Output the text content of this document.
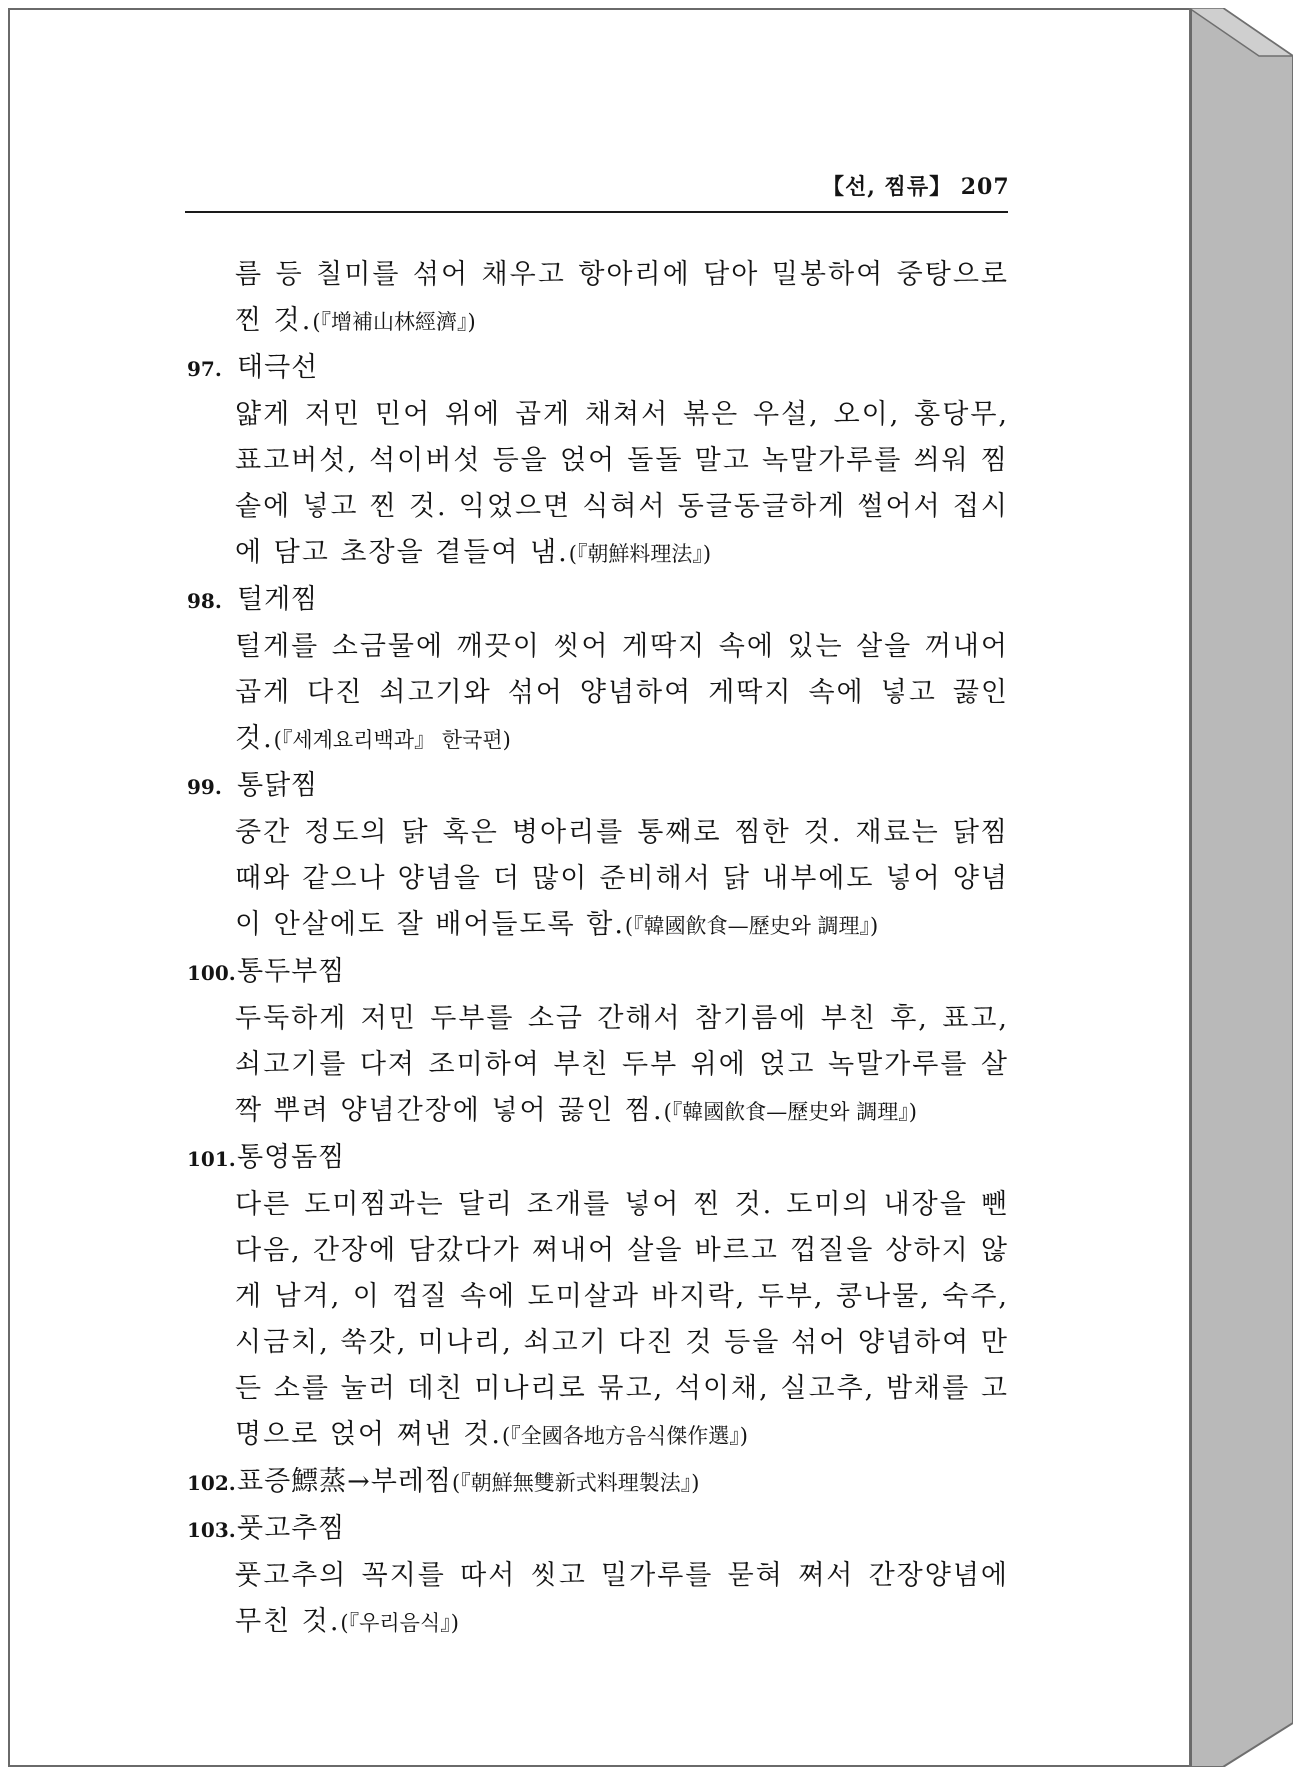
【선, 찜류】 207

름 등 칠미를 섞어 채우고 항아리에 담아 밀봉하여 중탕으로 찐 것.(『增補山林經濟』)

97. 태극선

얇게 저민 민어 위에 곱게 채쳐서 볶은 우설, 오이, 홍당무, 표고버섯, 석이버섯 등을 얹어 돌돌 말고 녹말가루를 씌워 찜솥에 넣고 찐 것. 익었으면 식혀서 동글동글하게 썰어서 접시에 담고 초장을 곁들여 냄.(『朝鮮料理法』)

98. 털게찜

털게를 소금물에 깨끗이 씻어 게딱지 속에 있는 살을 꺼내어 곱게 다진 쇠고기와 섞어 양념하여 게딱지 속에 넣고 끓인 것.(『세계요리백과』 한국편)

99. 통닭찜

중간 정도의 닭 혹은 병아리를 통째로 찜한 것. 재료는 닭찜 때와 같으나 양념을 더 많이 준비해서 닭 내부에도 넣어 양념이 안살에도 잘 배어들도록 함.(『韓國飮食—歷史와 調理』)

100.통두부찜

두둑하게 저민 두부를 소금 간해서 참기름에 부친 후, 표고, 쇠고기를 다져 조미하여 부친 두부 위에 얹고 녹말가루를 살짝 뿌려 양념간장에 넣어 끓인 찜.(『韓國飮食—歷史와 調理』)

101.통영돔찜

다른 도미찜과는 달리 조개를 넣어 찐 것. 도미의 내장을 뺀 다음, 간장에 담갔다가 쪄내어 살을 바르고 껍질을 상하지 않게 남겨, 이 껍질 속에 도미살과 바지락, 두부, 콩나물, 숙주, 시금치, 쑥갓, 미나리, 쇠고기 다진 것 등을 섞어 양념하여 만든 소를 눌러 데친 미나리로 묶고, 석이채, 실고추, 밤채를 고명으로 얹어 쪄낸 것.(『全國各地方음식傑作選』)

102.표증鰾蒸→부레찜(『朝鮮無雙新式料理製法』)

103.풋고추찜

풋고추의 꼭지를 따서 씻고 밀가루를 묻혀 쪄서 간장양념에 무친 것.(『우리음식』)
